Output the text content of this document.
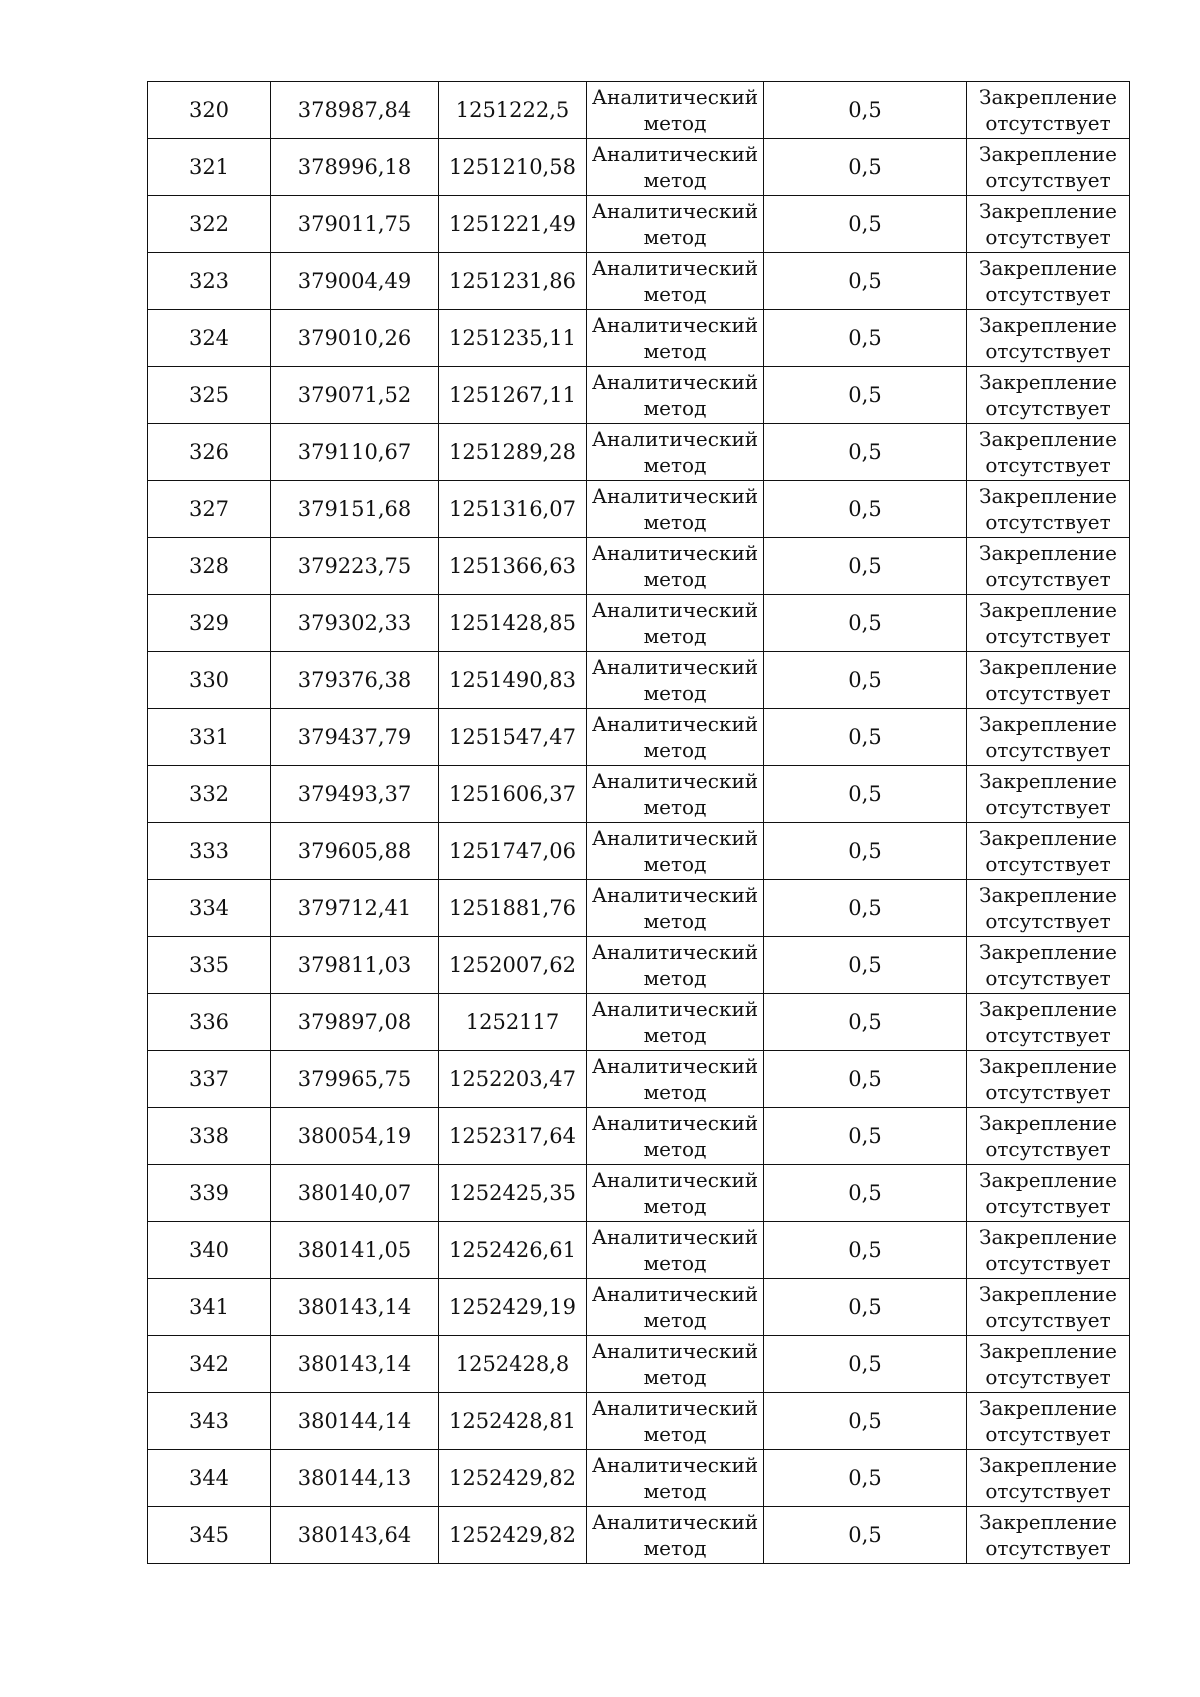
320	378987,84	1251222,5	Аналитический
метод	0,5	Закрепление
отсутствует

321	378996,18	1251210,58	Аналитический
метод	0,5	Закрепление
отсутствует

322	379011,75	1251221,49	Аналитический
метод	0,5	Закрепление
отсутствует

323	379004,49	1251231,86	Аналитический
метод	0,5	Закрепление
отсутствует

324	379010,26	1251235,11	Аналитический
метод	0,5	Закрепление
отсутствует

325	379071,52	1251267,11	Аналитический
метод	0,5	Закрепление
отсутствует

326	379110,67	1251289,28	Аналитический
метод	0,5	Закрепление
отсутствует

327	379151,68	1251316,07	Аналитический
метод	0,5	Закрепление
отсутствует

328	379223,75	1251366,63	Аналитический
метод	0,5	Закрепление
отсутствует

329	379302,33	1251428,85	Аналитический
метод	0,5	Закрепление
отсутствует

330	379376,38	1251490,83	Аналитический
метод	0,5	Закрепление
отсутствует

331	379437,79	1251547,47	Аналитический
метод	0,5	Закрепление
отсутствует

332	379493,37	1251606,37	Аналитический
метод	0,5	Закрепление
отсутствует

333	379605,88	1251747,06	Аналитический
метод	0,5	Закрепление
отсутствует

334	379712,41	1251881,76	Аналитический
метод	0,5	Закрепление
отсутствует

335	379811,03	1252007,62	Аналитический
метод	0,5	Закрепление
отсутствует

336	379897,08	1252117	Аналитический
метод	0,5	Закрепление
отсутствует

337	379965,75	1252203,47	Аналитический
метод	0,5	Закрепление
отсутствует

338	380054,19	1252317,64	Аналитический
метод	0,5	Закрепление
отсутствует

339	380140,07	1252425,35	Аналитический
метод	0,5	Закрепление
отсутствует

340	380141,05	1252426,61	Аналитический
метод	0,5	Закрепление
отсутствует

341	380143,14	1252429,19	Аналитический
метод	0,5	Закрепление
отсутствует

342	380143,14	1252428,8	Аналитический
метод	0,5	Закрепление
отсутствует

343	380144,14	1252428,81	Аналитический
метод	0,5	Закрепление
отсутствует

344	380144,13	1252429,82	Аналитический
метод	0,5	Закрепление
отсутствует

345	380143,64	1252429,82	Аналитический
метод	0,5	Закрепление
отсутствует
